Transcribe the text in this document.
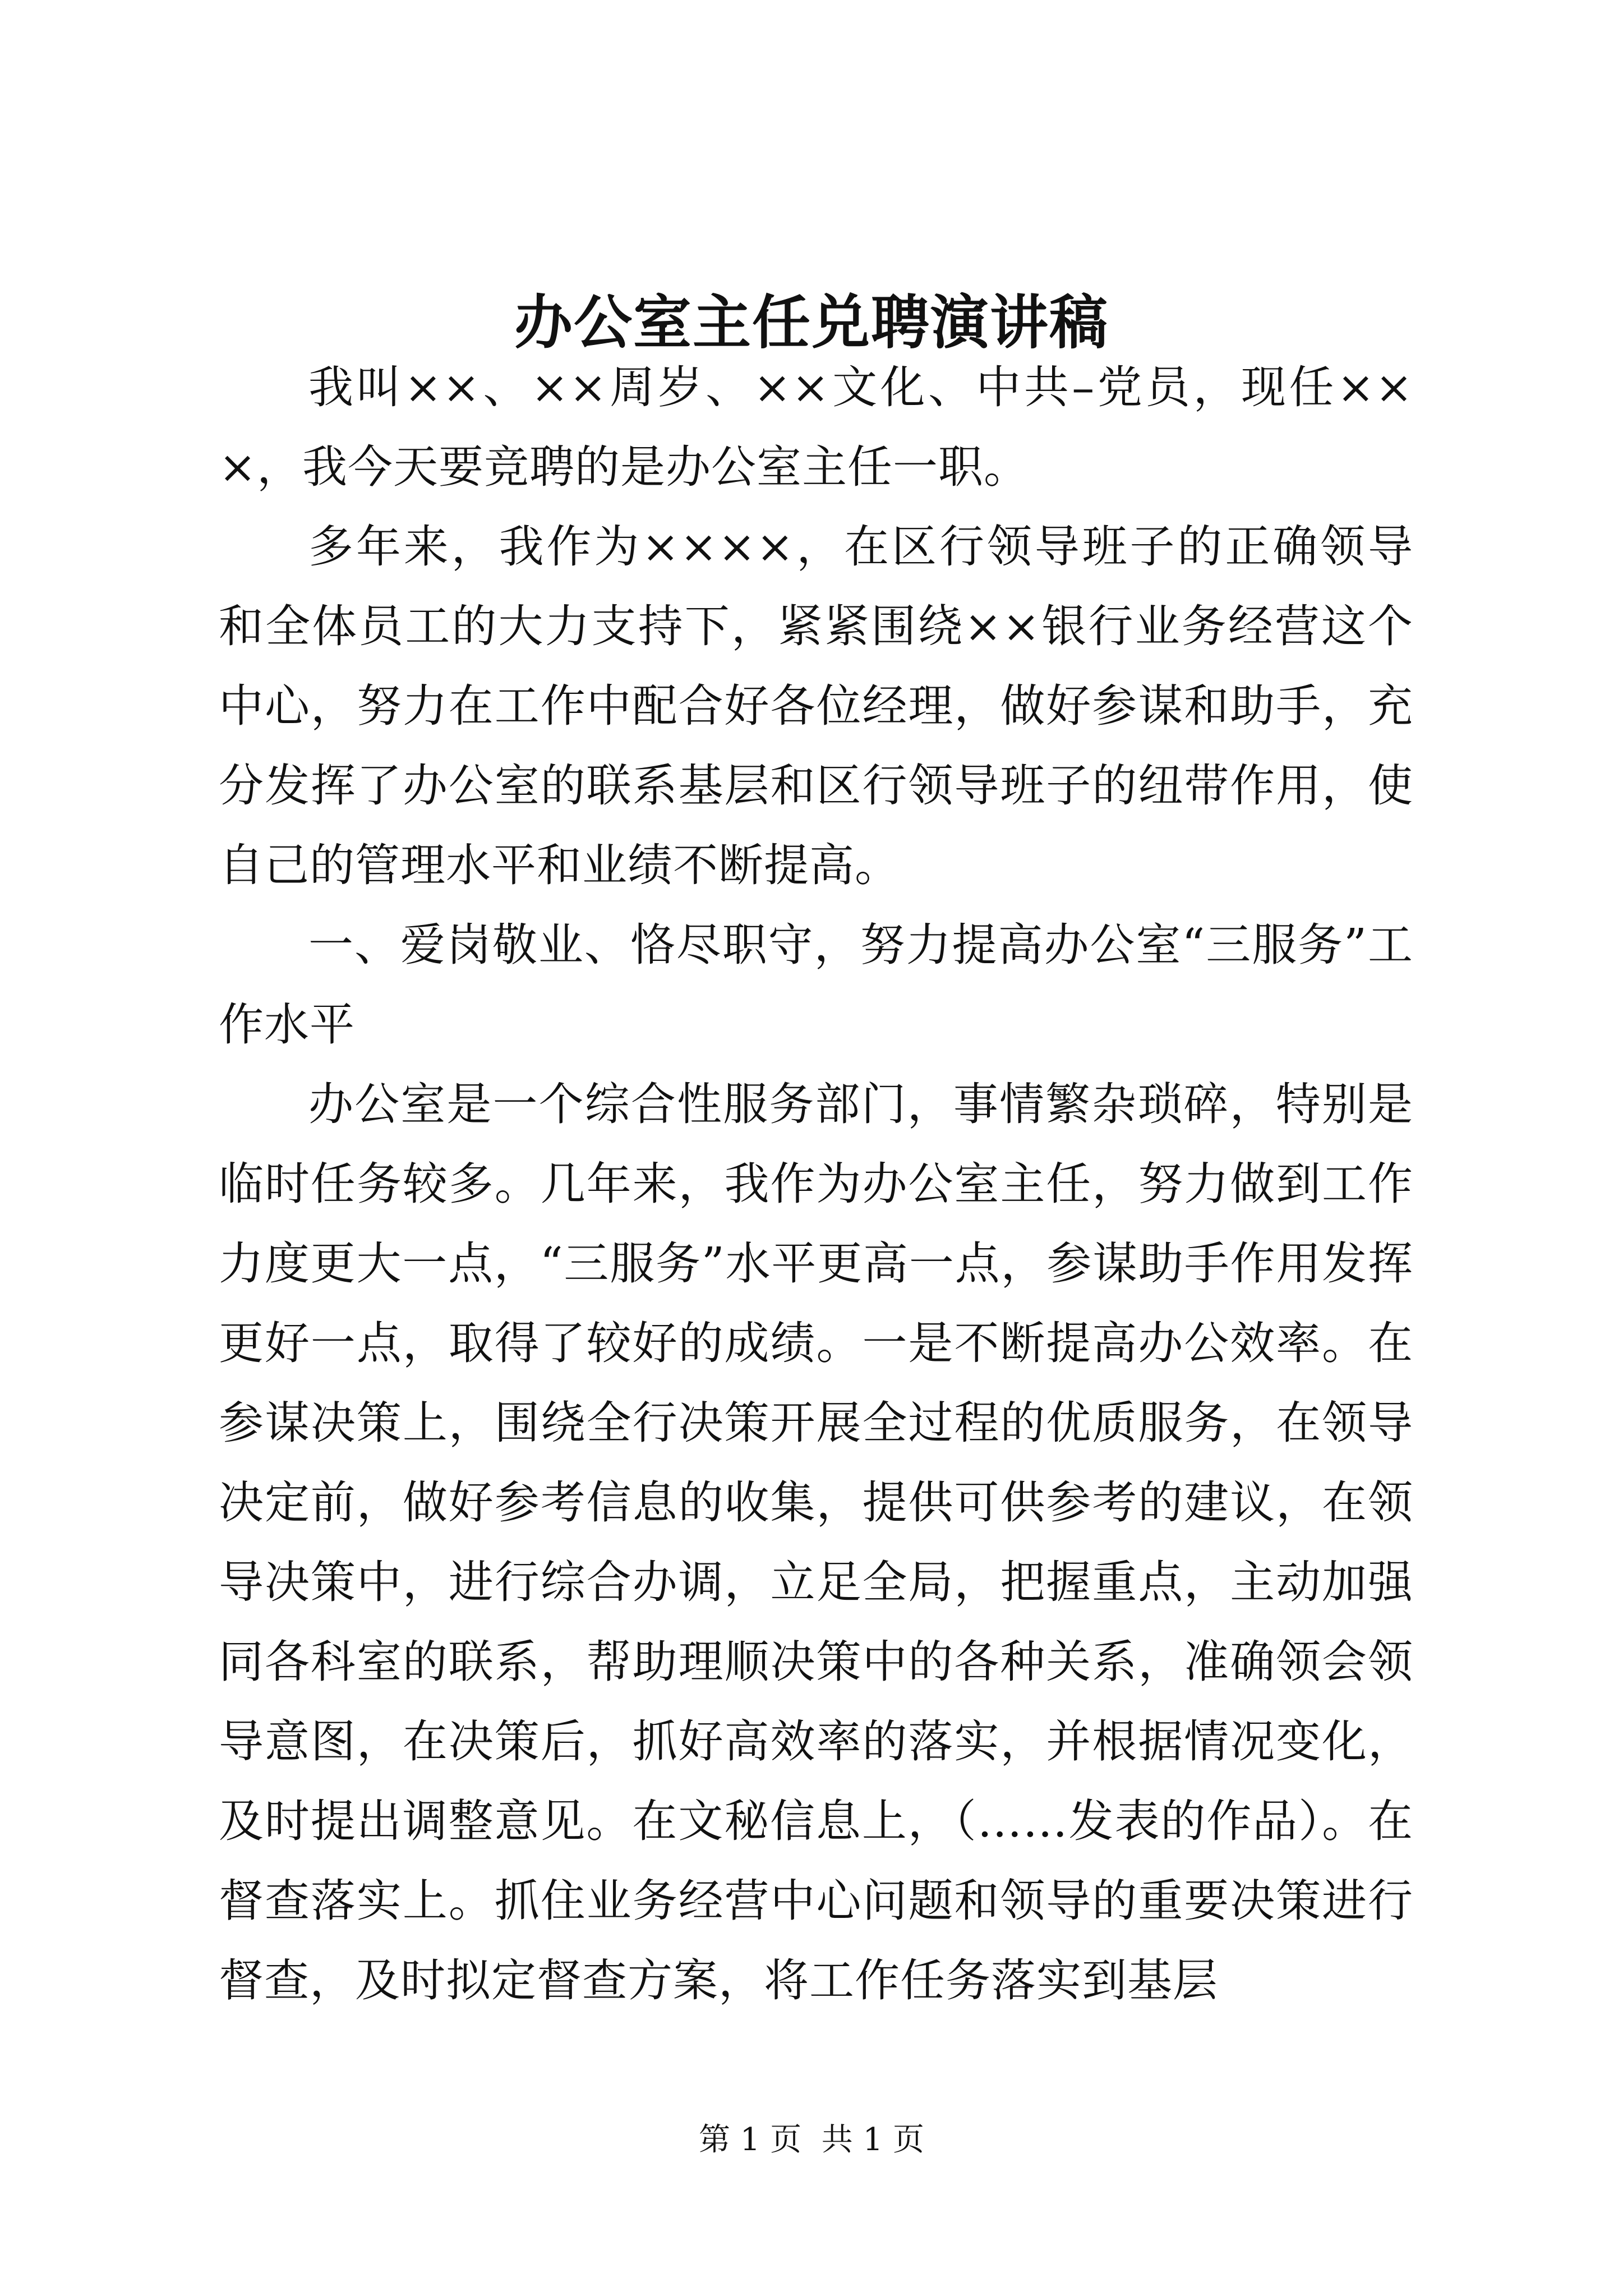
办公室主任兑聘演讲稿

我叫××、××周岁、××文化、中共–党员，现任×××，我今天要竞聘的是办公室主任一职。

多年来，我作为××××，在区行领导班子的正确领导和全体员工的大力支持下，紧紧围绕××银行业务经营这个中心，努力在工作中配合好各位经理，做好参谋和助手，充分发挥了办公室的联系基层和区行领导班子的纽带作用，使自己的管理水平和业绩不断提高。

一、爱岗敬业、恪尽职守，努力提高办公室“三服务”工作水平

办公室是一个综合性服务部门，事情繁杂琐碎，特别是临时任务较多。几年来，我作为办公室主任，努力做到工作力度更大一点，“三服务”水平更高一点，参谋助手作用发挥更好一点，取得了较好的成绩。一是不断提高办公效率。在参谋决策上，围绕全行决策开展全过程的优质服务，在领导决定前，做好参考信息的收集，提供可供参考的建议，在领导决策中，进行综合办调，立足全局，把握重点，主动加强同各科室的联系，帮助理顺决策中的各种关系，准确领会领导意图，在决策后，抓好高效率的落实，并根据情况变化，及时提出调整意见。在文秘信息上，（……发表的作品）。在督查落实上。抓住业务经营中心问题和领导的重要决策进行督查，及时拟定督查方案，将工作任务落实到基层

第 1 页  共 1 页
